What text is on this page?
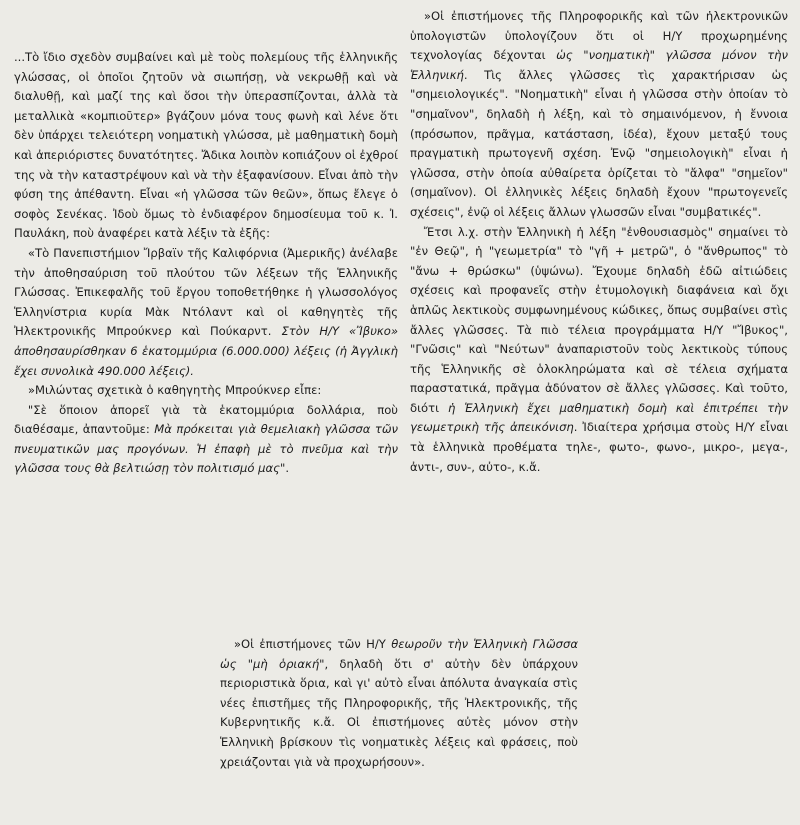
...Τὸ ἴδιο σχεδὸν συμβαίνει καὶ μὲ τοὺς πολεμίους τῆς ἑλληνικῆς γλώσσας, οἱ ὁποῖοι ζητοῦν νὰ σιωπήσῃ, νὰ νεκρωθῇ καὶ νὰ διαλυθῇ, καὶ μαζί της καὶ ὅσοι τὴν ὑπερασπίζονται, ἀλλὰ τὰ μεταλλικὰ «κομπιοῦτερ» βγάζουν μόνα τους φωνὴ καὶ λένε ὅτι δὲν ὑπάρχει τελειότερη νοηματικὴ γλώσσα, μὲ μαθηματικὴ δομὴ καὶ ἀπεριόριστες δυνατότητες. Ἄδικα λοιπὸν κοπιάζουν οἱ ἐχθροί της νὰ τὴν καταστρέψουν καὶ νὰ τὴν ἐξαφανίσουν. Εἶναι ἀπὸ τὴν φύση της ἀπέθαντη. Εἶναι «ἡ γλῶσσα τῶν θεῶν», ὅπως ἔλεγε ὁ σοφὸς Σενέκας. Ἰδοὺ ὅμως τὸ ἐνδιαφέρον δημοσίευμα τοῦ κ. Ἰ. Παυλάκη, ποὺ ἀναφέρει κατὰ λέξιν τὰ ἑξῆς:

«Τὸ Πανεπιστήμιον Ἴρβαϊν τῆς Καλιφόρνια (Ἀμερικῆς) ἀνέλαβε τὴν ἀποθησαύριση τοῦ πλούτου τῶν λέξεων τῆς Ἑλληνικῆς Γλώσσας. Ἐπικεφαλῆς τοῦ ἔργου τοποθετήθηκε ἡ γλωσσολόγος Ἑλληνίστρια κυρία Μὰκ Ντόλαντ καὶ οἱ καθηγητὲς τῆς Ἠλεκτρονικῆς Μπρούκνερ καὶ Πούκαρντ. Στὸν Η/Υ «Ἴβυκο» ἀποθησαυρίσθηκαν 6 ἑκατομμύρια (6.000.000) λέξεις (ἡ Ἀγγλικὴ ἔχει συνολικὰ 490.000 λέξεις).

»Μιλώντας σχετικὰ ὁ καθηγητὴς Μπρούκνερ εἶπε:

"Σὲ ὅποιον ἀπορεῖ γιὰ τὰ ἑκατομμύρια δολλάρια, ποὺ διαθέσαμε, ἀπαντοῦμε: Μὰ πρόκειται γιὰ θεμελιακὴ γλῶσσα τῶν πνευματικῶν μας προγόνων. Ἡ ἐπαφὴ μὲ τὸ πνεῦμα καὶ τὴν γλῶσσα τους θὰ βελτιώσῃ τὸν πολιτισμό μας".

»Οἱ ἐπιστήμονες τῆς Πληροφορικῆς καὶ τῶν ἠλεκτρονικῶν ὑπολογιστῶν ὑπολογίζουν ὅτι οἱ Η/Υ προχωρημένης τεχνολογίας δέχονται ὡς "νοηματικὴ" γλῶσσα μόνον τὴν Ἑλληνική. Τὶς ἄλλες γλῶσσες τὶς χαρακτήρισαν ὡς "σημειολογικές". "Νοηματικὴ" εἶναι ἡ γλῶσσα στὴν ὁποίαν τὸ "σημαῖνον", δηλαδὴ ἡ λέξη, καὶ τὸ σημαινόμενον, ἡ ἔννοια (πρόσωπον, πρᾶγμα, κατάσταση, ἰδέα), ἔχουν μεταξύ τους πραγματικὴ πρωτογενῆ σχέση. Ἐνῷ "σημειολογικὴ" εἶναι ἡ γλῶσσα, στὴν ὁποία αὐθαίρετα ὁρίζεται τὸ "ἄλφα" "σημεῖον" (σημαῖνον). Οἱ ἑλληνικὲς λέξεις δηλαδὴ ἔχουν "πρωτογενεῖς σχέσεις", ἐνῷ οἱ λέξεις ἄλλων γλωσσῶν εἶναι "συμβατικές".

Ἔτσι λ.χ. στὴν Ἑλληνικὴ ἡ λέξη "ἐνθουσιασμὸς" σημαίνει τὸ "ἐν Θεῷ", ἡ "γεωμετρία" τὸ "γῆ + μετρῶ", ὁ "ἄνθρωπος" τὸ "ἄνω + θρώσκω" (ὑψώνω). Ἔχουμε δηλαδὴ ἐδῶ αἰτιώδεις σχέσεις καὶ προφανεῖς στὴν ἐτυμολογικὴ διαφάνεια καὶ ὄχι ἁπλῶς λεκτικοὺς συμφωνημένους κώδικες, ὅπως συμβαίνει στὶς ἄλλες γλῶσσες. Τὰ πιὸ τέλεια προγράμματα Η/Υ "Ἴβυκος", "Γνῶσις" καὶ "Νεύτων" ἀναπαριστοῦν τοὺς λεκτικοὺς τύπους τῆς Ἑλληνικῆς σὲ ὁλοκληρώματα καὶ σὲ τέλεια σχήματα παραστατικά, πρᾶγμα ἀδύνατον σὲ ἄλλες γλῶσσες. Καὶ τοῦτο, διότι ἡ Ἑλληνικὴ ἔχει μαθηματικὴ δομὴ καὶ ἐπιτρέπει τὴν γεωμετρικὴ τῆς ἀπεικόνιση. Ἰδιαίτερα χρήσιμα στοὺς Η/Υ εἶναι τὰ ἑλληνικὰ προθέματα τηλε-, φωτο-, φωνο-, μικρο-, μεγα-, ἀντι-, συν-, αὐτο-, κ.ἄ.

»Οἱ ἐπιστήμονες τῶν Η/Υ θεωροῦν τὴν Ἑλληνικὴ Γλῶσσα ὡς "μὴ ὁριακή", δηλαδὴ ὅτι σ' αὐτὴν δὲν ὑπάρχουν περιοριστικὰ ὅρια, καὶ γι' αὐτὸ εἶναι ἀπόλυτα ἀναγκαία στὶς νέες ἐπιστῆμες τῆς Πληροφορικῆς, τῆς Ἠλεκτρονικῆς, τῆς Κυβερνητικῆς κ.ἄ. Οἱ ἐπιστήμονες αὐτὲς μόνον στὴν Ἑλληνικὴ βρίσκουν τὶς νοηματικὲς λέξεις καὶ φράσεις, ποὺ χρειάζονται γιὰ νὰ προχωρήσουν».
